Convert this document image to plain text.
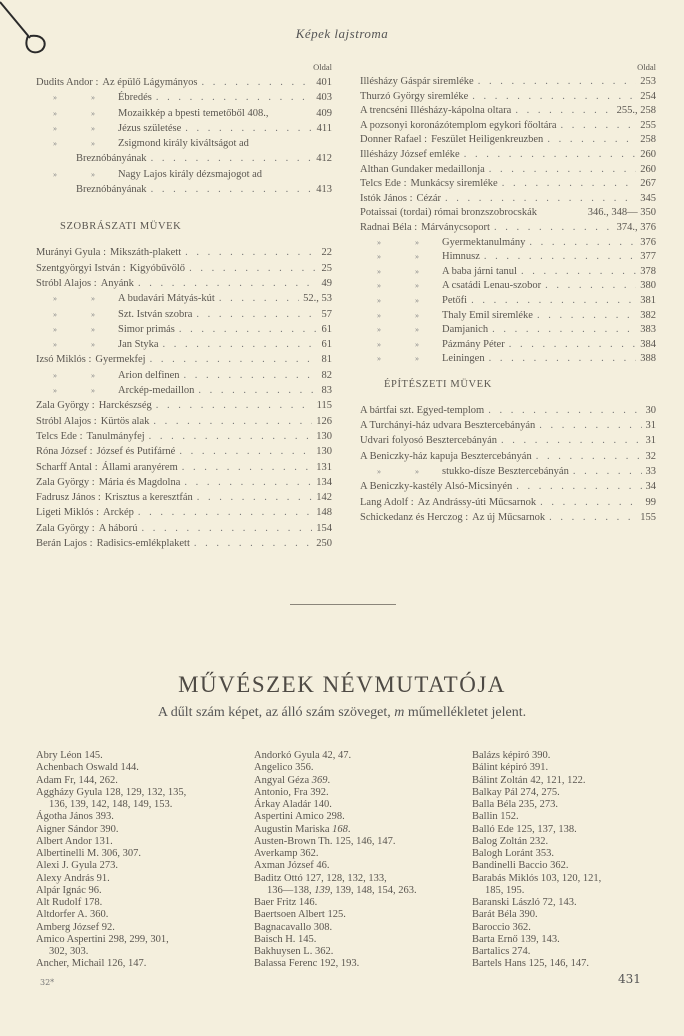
Képek lajstroma
Oldal
Dudits Andor : Az épülő Lágymányos . . .	401
»	»	Ébredés . . .	403
»	»	Mozaikkép a bpesti temetőből 408.,	409
»	»	Jézus születése . . .	411
»	»	Zsigmond király kiváltságot ad
Breznóbányának . . .	412
»	»	Nagy Lajos király dézsmajogot ad
Breznóbányának . . .	413
SZOBRÁSZATI MÜVEK
Murányi Gyula : Mikszáth-plakett . . .	22
Szentgyörgyi István : Kigyóbűvölő . . .	25
Stróbl Alajos : Anyánk . . .	49
»	»	A budavári Mátyás-kút . . .	52., 53
»	»	Szt. István szobra . . .	57
»	»	Simor primás . . .	61
»	»	Jan Styka . . .	61
Izsó Miklós : Gyermekfej . . .	81
»	»	Arion delfinen . . .	82
»	»	Arckép-medaillon . . .	83
Zala György : Harckészség . . .	115
Stróbl Alajos : Kürtös alak . . .	126
Telcs Ede : Tanulmányfej . . .	130
Róna József : József és Putifárné . . .	130
Scharff Antal : Állami aranyérem . . .	131
Zala György : Mária és Magdolna . . .	134
Fadrusz János : Krisztus a keresztfán . . .	142
Ligeti Miklós : Arckép . . .	148
Zala György : A háború . . .	154
Berán Lajos : Radisics-emlékplakett . . .	250
Oldal
Illésházy Gáspár siremléke . . .	253
Thurzó György siremléke . . .	254
A trencséni Illésházy-kápolna oltara . . .	255., 258
A pozsonyi koronázótemplom egykori főoltára . . .	255
Donner Rafael : Feszület Heiligenkreuzben . . .	258
Illésházy József emléke . . .	260
Althan Gundaker medaillonja . . .	260
Telcs Ede : Munkácsy siremléke . . .	267
Istók János : Cézár . . .	345
Potaissai (tordai) római bronzszobrocskák	346., 348— 350
Radnai Béla : Márványcsoport . . .	374., 376
»	»	Gyermektanulmány . . .	376
»	»	Himnusz . . .	377
»	»	A baba járni tanul . . .	378
»	»	A csatádi Lenau-szobor . . .	380
»	»	Petőfi . . .	381
»	»	Thaly Emil siremléke . . .	382
»	»	Damjanich . . .	383
»	»	Pázmány Péter . . .	384
»	»	Leiningen . . .	388
ÉPÍTÉSZETI MÜVEK
A bártfai szt. Egyed-templom . . .	30
A Turchányi-ház udvara Besztercebányán . . .	31
Udvari folyosó Besztercebányán . . .	31
A Beniczky-ház kapuja Besztercebányán . . .	32
»	»	stukko-dísze Besztercebányán . . .	33
A Beniczky-kastély Alsó-Micsinyén . . .	34
Lang Adolf : Az Andrássy-úti Műcsarnok . . .	99
Schickedanz és Herczog : Az új Műcsarnok . . .	155
MŰVÉSZEK NÉVMUTATÓJA
A dűlt szám képet, az álló szám szöveget, m műmellékletet jelent.
Abry Léon 145.
Achenbach Oswald 144.
Adam Fr, 144, 262.
Aggházy Gyula 128, 129, 132, 135,
136, 139, 142, 148, 149, 153.
Ágotha János 393.
Aigner Sándor 390.
Albert Andor 131.
Albertinelli M. 306, 307.
Alexi J. Gyula 273.
Alexy András 91.
Alpár Ignác 96.
Alt Rudolf 178.
Altdorfer A. 360.
Amberg József 92.
Amico Aspertini 298, 299, 301,
302, 303.
Ancher, Michail 126, 147.
Andorkó Gyula 42, 47.
Angelico 356.
Angyal Géza 369.
Antonio, Fra 392.
Árkay Aladár 140.
Aspertini Amico 298.
Augustin Mariska 168.
Austen-Brown Th. 125, 146, 147.
Averkamp 362.
Axman József 46.
Baditz Ottó 127, 128, 132, 133,
136—138, 139, 139, 148, 154, 263.
Baer Fritz 146.
Baertsoen Albert 125.
Bagnacavallo 308.
Baisch H. 145.
Bakhuysen L. 362.
Balassa Ferenc 192, 193.
Balázs képiró 390.
Bálint képiró 391.
Bálint Zoltán 42, 121, 122.
Balkay Pál 274, 275.
Balla Béla 235, 273.
Ballin 152.
Balló Ede 125, 137, 138.
Balog Zoltán 232.
Balogh Loránt 353.
Bandinelli Baccio 362.
Barabás Miklós 103, 120, 121,
185, 195.
Baranski László 72, 143.
Barát Béla 390.
Baroccio 362.
Barta Ernő 139, 143.
Bartalics 274.
Bartels Hans 125, 146, 147.
32*	431
